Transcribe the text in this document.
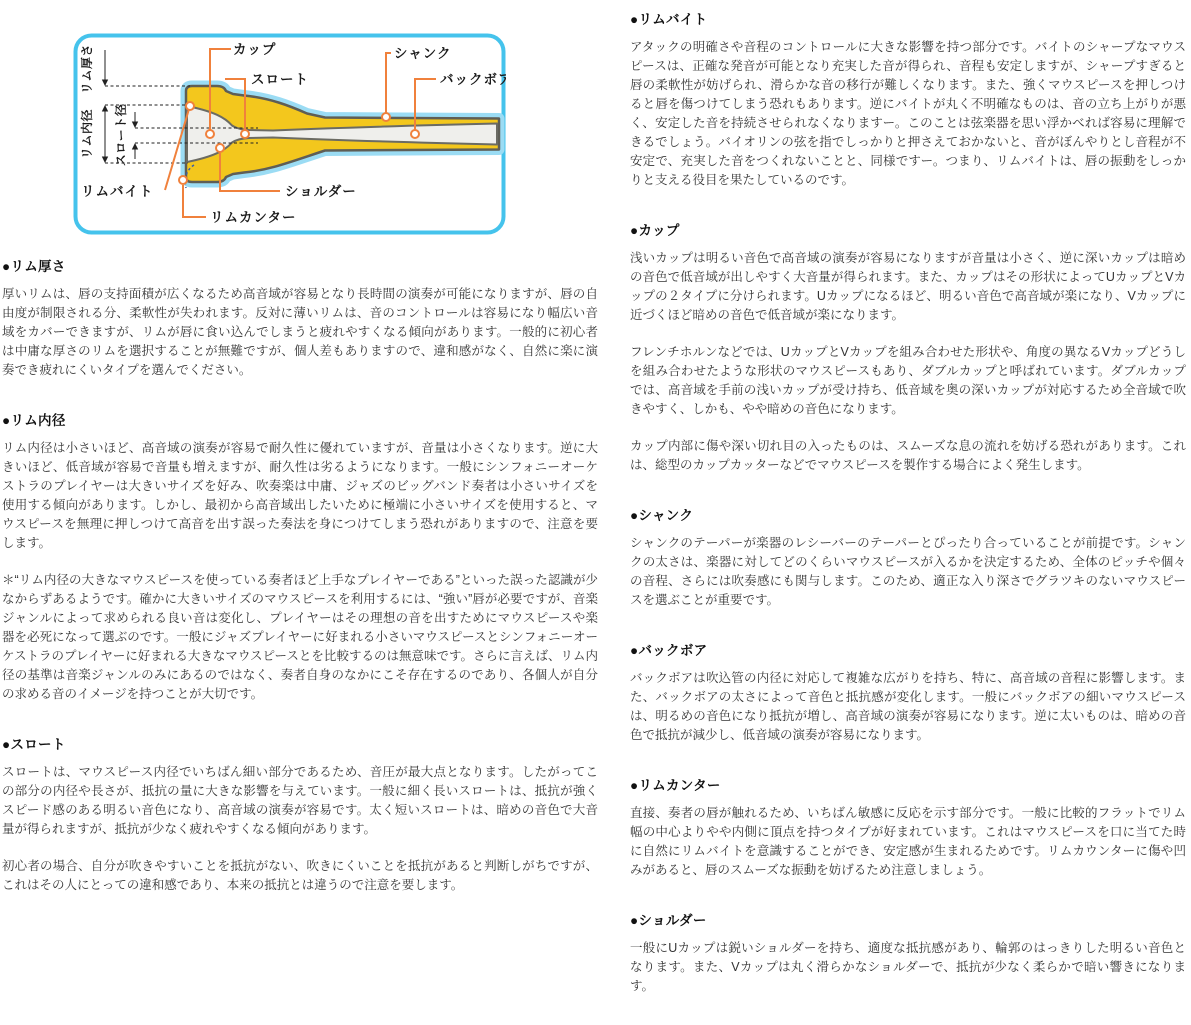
リム厚さ
リム内径 スロート径
カップ	シャンク
スロート	バックボア
リムバイト	ショルダー
リムカンター
●リム厚さ

厚いリムは、唇の支持面積が広くなるため高音域が容易となり長時間の演奏が可能になりますが、唇の自由度が制限される分、柔軟性が失われます。反対に薄いリムは、音のコントロールは容易になり幅広い音域をカバーできますが、リムが唇に食い込んでしまうと疲れやすくなる傾向があります。一般的に初心者は中庸な厚さのリムを選択することが無難ですが、個人差もありますので、違和感がなく、自然に楽に演奏でき疲れにくいタイプを選んでください。

●リム内径

リム内径は小さいほど、高音域の演奏が容易で耐久性に優れていますが、音量は小さくなります。逆に大きいほど、低音域が容易で音量も増えますが、耐久性は劣るようになります。一般にシンフォニーオーケストラのプレイヤーは大きいサイズを好み、吹奏楽は中庸、ジャズのビッグバンド奏者は小さいサイズを使用する傾向があります。しかし、最初から高音域出したいために極端に小さいサイズを使用すると、マウスピースを無理に押しつけて高音を出す誤った奏法を身につけてしまう恐れがありますので、注意を要します。

＊“リム内径の大きなマウスピースを使っている奏者ほど上手なプレイヤーである”といった誤った認識が少なからずあるようです。確かに大きいサイズのマウスピースを利用するには、“強い”唇が必要ですが、音楽ジャンルによって求められる良い音は変化し、プレイヤーはその理想の音を出すためにマウスピースや楽器を必死になって選ぶのです。一般にジャズプレイヤーに好まれる小さいマウスピースとシンフォニーオーケストラのプレイヤーに好まれる大きなマウスピースとを比較するのは無意味です。さらに言えば、リム内径の基準は音楽ジャンルのみにあるのではなく、奏者自身のなかにこそ存在するのであり、各個人が自分の求める音のイメージを持つことが大切です。

●スロート

スロートは、マウスピース内径でいちばん細い部分であるため、音圧が最大点となります。したがってこの部分の内径や長さが、抵抗の量に大きな影響を与えています。一般に細く長いスロートは、抵抗が強くスピード感のある明るい音色になり、高音域の演奏が容易です。太く短いスロートは、暗めの音色で大音量が得られますが、抵抗が少なく疲れやすくなる傾向があります。

初心者の場合、自分が吹きやすいことを抵抗がない、吹きにくいことを抵抗があると判断しがちですが、これはその人にとっての違和感であり、本来の抵抗とは違うので注意を要します。

●リムバイト

アタックの明確さや音程のコントロールに大きな影響を持つ部分です。バイトのシャープなマウスピースは、正確な発音が可能となり充実した音が得られ、音程も安定しますが、シャープすぎると唇の柔軟性が妨げられ、滑らかな音の移行が難しくなります。また、強くマウスピースを押しつけると唇を傷つけてしまう恐れもあります。逆にバイトが丸く不明確なものは、音の立ち上がりが悪く、安定した音を持続させられなくなりますー。このことは弦楽器を思い浮かべれば容易に理解できるでしょう。バイオリンの弦を指でしっかりと押さえておかないと、音がぼんやりとし音程が不安定で、充実した音をつくれないことと、同様ですー。つまり、リムバイトは、唇の振動をしっかりと支える役目を果たしているのです。

●カップ

浅いカップは明るい音色で高音域の演奏が容易になりますが音量は小さく、逆に深いカップは暗めの音色で低音域が出しやすく大音量が得られます。また、カップはその形状によってUカップとVカップの２タイプに分けられます。Uカップになるほど、明るい音色で高音域が楽になり、Vカップに近づくほど暗めの音色で低音域が楽になります。

フレンチホルンなどでは、UカップとVカップを組み合わせた形状や、角度の異なるVカップどうしを組み合わせたような形状のマウスピースもあり、ダブルカップと呼ばれています。ダブルカップでは、高音域を手前の浅いカップが受け持ち、低音域を奥の深いカップが対応するため全音域で吹きやすく、しかも、やや暗めの音色になります。

カップ内部に傷や深い切れ目の入ったものは、スムーズな息の流れを妨げる恐れがあります。これは、総型のカップカッターなどでマウスピースを製作する場合によく発生します。

●シャンク

シャンクのテーパーが楽器のレシーバーのテーパーとぴったり合っていることが前提です。シャンクの太さは、楽器に対してどのくらいマウスピースが入るかを決定するため、全体のピッチや個々の音程、さらには吹奏感にも関与します。このため、適正な入り深さでグラツキのないマウスピースを選ぶことが重要です。

●バックボア

バックボアは吹込管の内径に対応して複雑な広がりを持ち、特に、高音域の音程に影響します。また、バックボアの太さによって音色と抵抗感が変化します。一般にバックボアの細いマウスピースは、明るめの音色になり抵抗が増し、高音域の演奏が容易になります。逆に太いものは、暗めの音色で抵抗が減少し、低音域の演奏が容易になります。

●リムカンター

直接、奏者の唇が触れるため、いちばん敏感に反応を示す部分です。一般に比較的フラットでリム幅の中心よりやや内側に頂点を持つタイプが好まれています。これはマウスピースを口に当てた時に自然にリムバイトを意識することができ、安定感が生まれるためです。リムカウンターに傷や凹みがあると、唇のスムーズな振動を妨げるため注意しましょう。

●ショルダー

一般にUカップは鋭いショルダーを持ち、適度な抵抗感があり、輪郭のはっきりした明るい音色となります。また、Vカップは丸く滑らかなショルダーで、抵抗が少なく柔らかで暗い響きになります。
